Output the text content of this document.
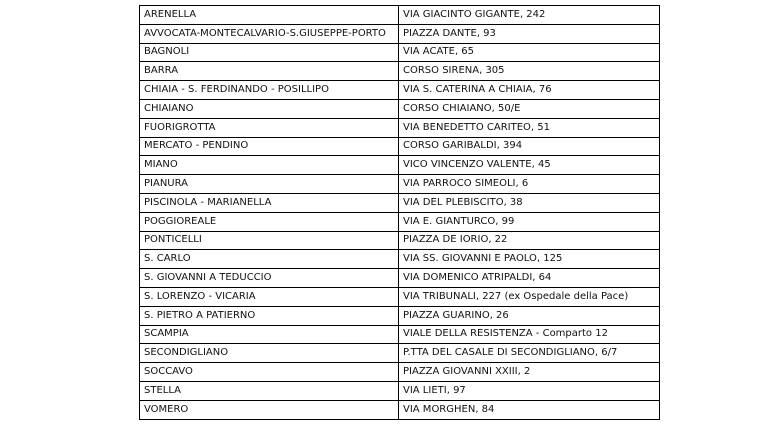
ARENELLA	VIA GIACINTO GIGANTE, 242
AVVOCATA-MONTECALVARIO-S.GIUSEPPE-PORTO	PIAZZA DANTE, 93
BAGNOLI	VIA ACATE, 65
BARRA	CORSO SIRENA, 305
CHIAIA - S. FERDINANDO - POSILLIPO	VIA S. CATERINA A CHIAIA, 76
CHIAIANO	CORSO CHIAIANO, 50/E
FUORIGROTTA	VIA BENEDETTO CARITEO, 51
MERCATO - PENDINO	CORSO GARIBALDI, 394
MIANO	VICO VINCENZO VALENTE, 45
PIANURA	VIA PARROCO SIMEOLI, 6
PISCINOLA - MARIANELLA	VIA DEL PLEBISCITO, 38
POGGIOREALE	VIA E. GIANTURCO, 99
PONTICELLI	PIAZZA DE IORIO, 22
S. CARLO	VIA SS. GIOVANNI E PAOLO, 125
S. GIOVANNI A TEDUCCIO	VIA DOMENICO ATRIPALDI, 64
S. LORENZO - VICARIA	VIA TRIBUNALI, 227 (ex Ospedale della Pace)
S. PIETRO A PATIERNO	PIAZZA GUARINO, 26
SCAMPIA	VIALE DELLA RESISTENZA - Comparto 12
SECONDIGLIANO	P.TTA DEL CASALE DI SECONDIGLIANO, 6/7
SOCCAVO	PIAZZA GIOVANNI XXIII, 2
STELLA	VIA LIETI, 97
VOMERO	VIA MORGHEN, 84
